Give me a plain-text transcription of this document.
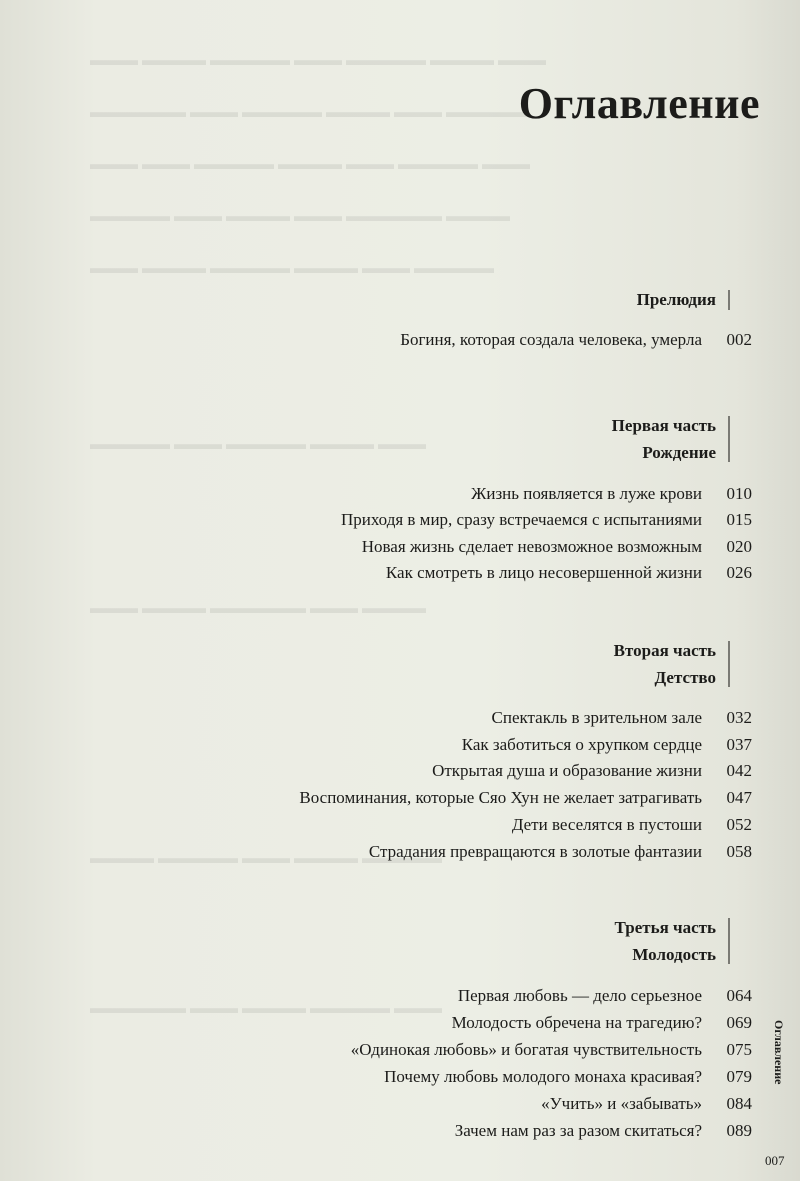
▬▬▬ ▬▬▬▬ ▬▬▬▬▬ ▬▬▬ ▬▬▬▬▬ ▬▬▬▬ ▬▬▬
▬▬▬▬▬ ▬▬▬ ▬▬▬▬ ▬▬▬▬▬ ▬▬▬ ▬▬▬▬▬▬
▬▬▬ ▬▬▬▬▬ ▬▬▬ ▬▬▬▬ ▬▬▬▬▬ ▬▬▬ ▬▬▬
▬▬▬▬ ▬▬▬▬▬▬ ▬▬▬ ▬▬▬▬ ▬▬▬ ▬▬▬▬▬
▬▬▬▬▬ ▬▬▬ ▬▬▬▬ ▬▬▬▬▬ ▬▬▬▬ ▬▬▬
▬▬▬ ▬▬▬▬ ▬▬▬▬▬ ▬▬▬ ▬▬▬▬▬
▬▬▬▬ ▬▬▬ ▬▬▬▬▬▬ ▬▬▬▬ ▬▬▬
▬▬▬▬▬ ▬▬▬▬ ▬▬▬ ▬▬▬▬▬ ▬▬▬▬
▬▬▬ ▬▬▬▬▬ ▬▬▬▬ ▬▬▬ ▬▬▬▬▬▬
Оглавление
Прелюдия
Богиня, которая создала человека, умерла	002
Первая часть
Рождение
Жизнь появляется в луже крови	010
Приходя в мир, сразу встречаемся с испытаниями	015
Новая жизнь сделает невозможное возможным	020
Как смотреть в лицо несовершенной жизни	026
Вторая часть
Детство
Спектакль в зрительном зале	032
Как заботиться о хрупком сердце	037
Открытая душа и образование жизни	042
Воспоминания, которые Сяо Хун не желает затрагивать	047
Дети веселятся в пустоши	052
Страдания превращаются в золотые фантазии	058
Третья часть
Молодость
Первая любовь — дело серьезное	064
Молодость обречена на трагедию?	069
«Одинокая любовь» и богатая чувствительность	075
Почему любовь молодого монаха красивая?	079
«Учить» и «забывать»	084
Зачем нам раз за разом скитаться?	089
Оглавление
007
